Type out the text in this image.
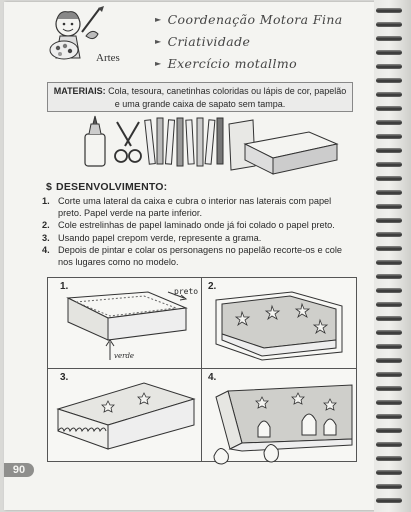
Artes
► Coordenação Motora Fina
► Criatividade
► Exercício motallmo
MATERIAIS: Cola, tesoura, canetinhas coloridas ou lápis de cor, papelão e uma grande caixa de sapato sem tampa.
$ DESENVOLVIMENTO:
1. Corte uma lateral da caixa e cubra o interior nas laterais com papel preto. Papel verde na parte inferior.
2. Cole estrelinhas de papel laminado onde já foi colado o papel preto.
3. Usando papel crepom verde, represente a grama.
4. Depois de pintar e colar os personagens no papelão recorte-os e cole nos lugares como no modelo.
1.	preto
verde
2.
3.	4.
90
